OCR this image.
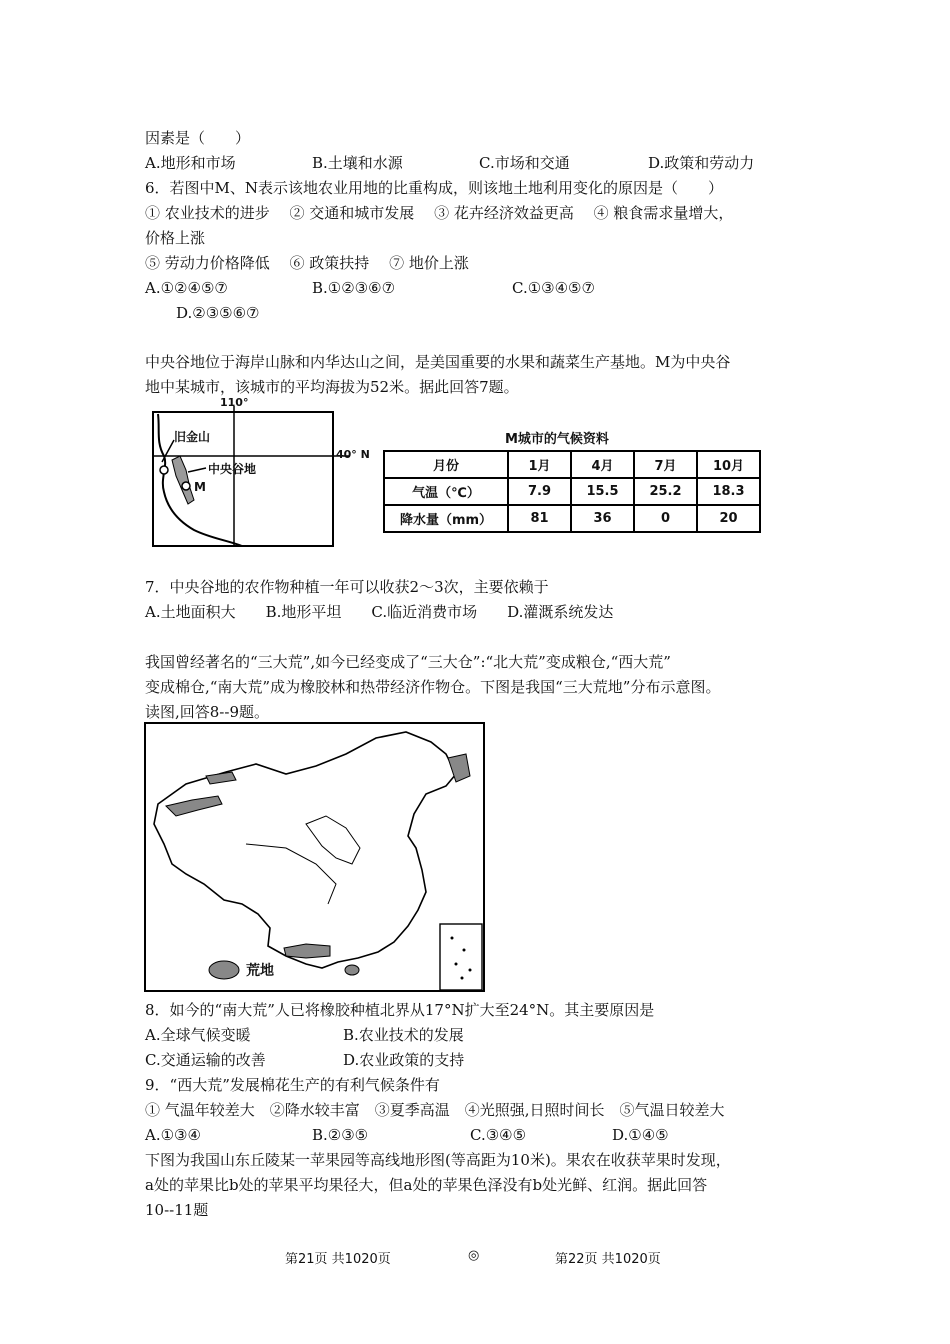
因素是（　　）
A.地形和市场	B.土壤和水源	C.市场和交通	D.政策和劳动力
6．若图中M、N表示该地农业用地的比重构成，则该地土地利用变化的原因是（　　）
① 农业技术的进步　 ② 交通和城市发展　 ③ 花卉经济效益更高　 ④ 粮食需求量增大，
价格上涨
⑤ 劳动力价格降低　 ⑥ 政策扶持　 ⑦ 地价上涨
A.①②④⑤⑦	B.①②③⑥⑦	C.①③④⑤⑦
D.②③⑤⑥⑦
中央谷地位于海岸山脉和内华达山之间，是美国重要的水果和蔬菜生产基地。M为中央谷
地中某城市，该城市的平均海拔为52米。据此回答7题。
110°
40° N
旧金山
中央谷地
M
M城市的气候资料
月份	1月	4月	7月	10月
气温（℃）	7.9	15.5	25.2	18.3
降水量（mm）	81	36	0	20
7．中央谷地的农作物种植一年可以收获2～3次，主要依赖于
A.土地面积大　　B.地形平坦　　C.临近消费市场　　D.灌溉系统发达
我国曾经著名的“三大荒”,如今已经变成了“三大仓”:“北大荒”变成粮仓,“西大荒”
变成棉仓,“南大荒”成为橡胶林和热带经济作物仓。下图是我国“三大荒地”分布示意图。
读图,回答8--9题。
荒地
8．如今的“南大荒”人已将橡胶种植北界从17°N扩大至24°N。其主要原因是
A.全球气候变暖	B.农业技术的发展
C.交通运输的改善	D.农业政策的支持
9．“西大荒”发展棉花生产的有利气候条件有
① 气温年较差大　②降水较丰富　③夏季高温　④光照强,日照时间长　⑤气温日较差大
A.①③④	B.②③⑤	C.③④⑤	D.①④⑤
下图为我国山东丘陵某一苹果园等高线地形图(等高距为10米)。果农在收获苹果时发现，
a处的苹果比b处的苹果平均果径大，但a处的苹果色泽没有b处光鲜、红润。据此回答
10--11题
第21页 共1020页	◎	第22页 共1020页
